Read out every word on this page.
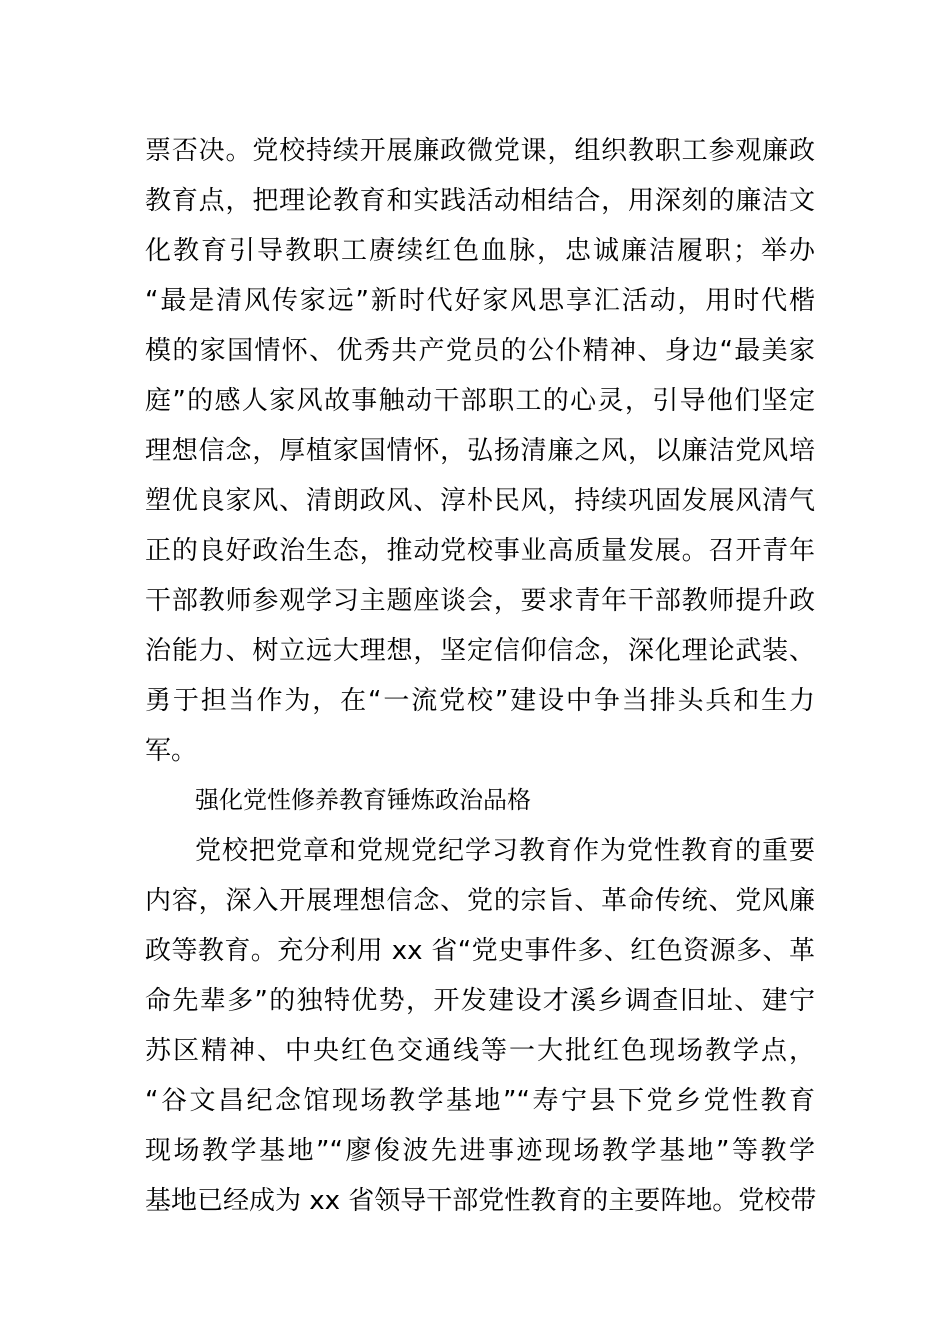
票否决。党校持续开展廉政微党课，组织教职工参观廉政
教育点，把理论教育和实践活动相结合，用深刻的廉洁文
化教育引导教职工赓续红色血脉，忠诚廉洁履职；举办
“最是清风传家远”新时代好家风思享汇活动，用时代楷
模的家国情怀、优秀共产党员的公仆精神、身边“最美家
庭”的感人家风故事触动干部职工的心灵，引导他们坚定
理想信念，厚植家国情怀，弘扬清廉之风，以廉洁党风培
塑优良家风、清朗政风、淳朴民风，持续巩固发展风清气
正的良好政治生态，推动党校事业高质量发展。召开青年
干部教师参观学习主题座谈会，要求青年干部教师提升政
治能力、树立远大理想，坚定信仰信念，深化理论武装、
勇于担当作为，在“一流党校”建设中争当排头兵和生力
军。
强化党性修养教育锤炼政治品格
党校把党章和党规党纪学习教育作为党性教育的重要
内容，深入开展理想信念、党的宗旨、革命传统、党风廉
政等教育。充分利用 xx 省“党史事件多、红色资源多、革
命先辈多”的独特优势，开发建设才溪乡调查旧址、建宁
苏区精神、中央红色交通线等一大批红色现场教学点，
“谷文昌纪念馆现场教学基地”“寿宁县下党乡党性教育
现场教学基地”“廖俊波先进事迹现场教学基地”等教学
基地已经成为 xx 省领导干部党性教育的主要阵地。党校带
